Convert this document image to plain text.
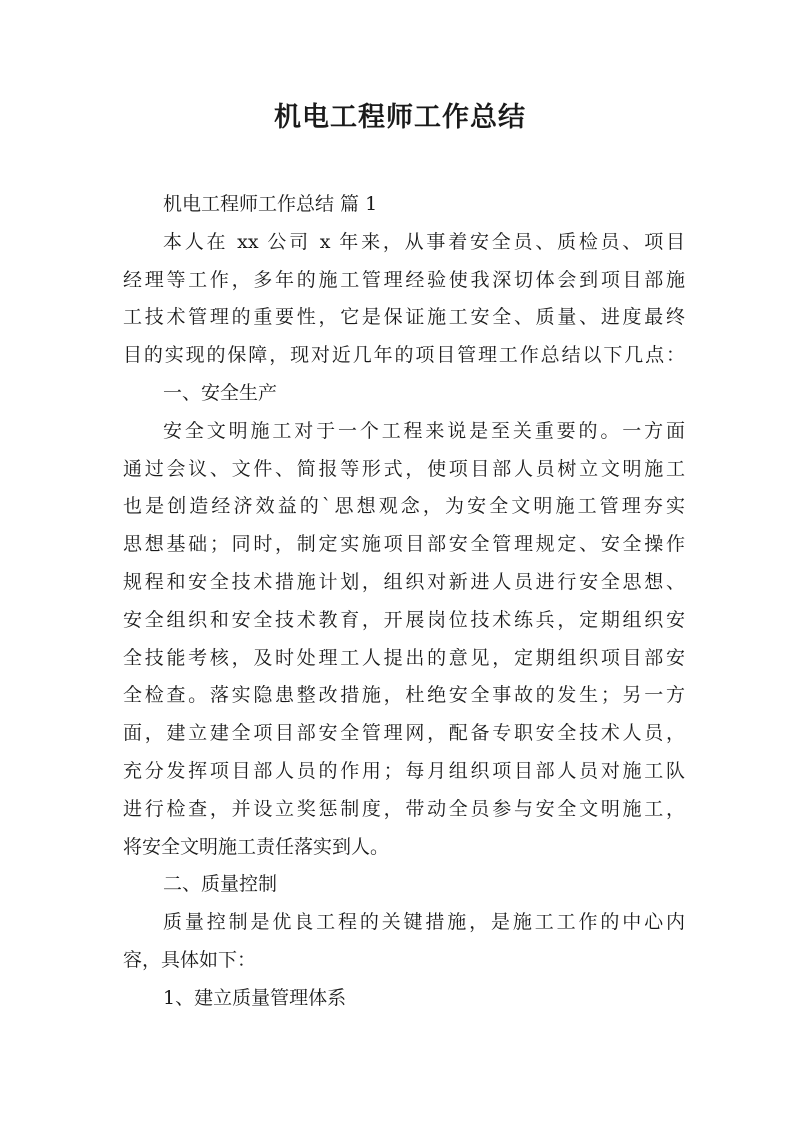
机电工程师工作总结
机电工程师工作总结 篇 1
本人在 xx 公司 x 年来，从事着安全员、质检员、项目
经理等工作，多年的施工管理经验使我深切体会到项目部施
工技术管理的重要性，它是保证施工安全、质量、进度最终
目的实现的保障，现对近几年的项目管理工作总结以下几点：
一、安全生产
安全文明施工对于一个工程来说是至关重要的。一方面
通过会议、文件、简报等形式，使项目部人员树立文明施工
也是创造经济效益的`思想观念，为安全文明施工管理夯实
思想基础；同时，制定实施项目部安全管理规定、安全操作
规程和安全技术措施计划，组织对新进人员进行安全思想、
安全组织和安全技术教育，开展岗位技术练兵，定期组织安
全技能考核，及时处理工人提出的意见，定期组织项目部安
全检查。落实隐患整改措施，杜绝安全事故的发生；另一方
面，建立建全项目部安全管理网，配备专职安全技术人员，
充分发挥项目部人员的作用；每月组织项目部人员对施工队
进行检查，并设立奖惩制度，带动全员参与安全文明施工，
将安全文明施工责任落实到人。
二、质量控制
质量控制是优良工程的关键措施，是施工工作的中心内
容，具体如下：
1、建立质量管理体系
